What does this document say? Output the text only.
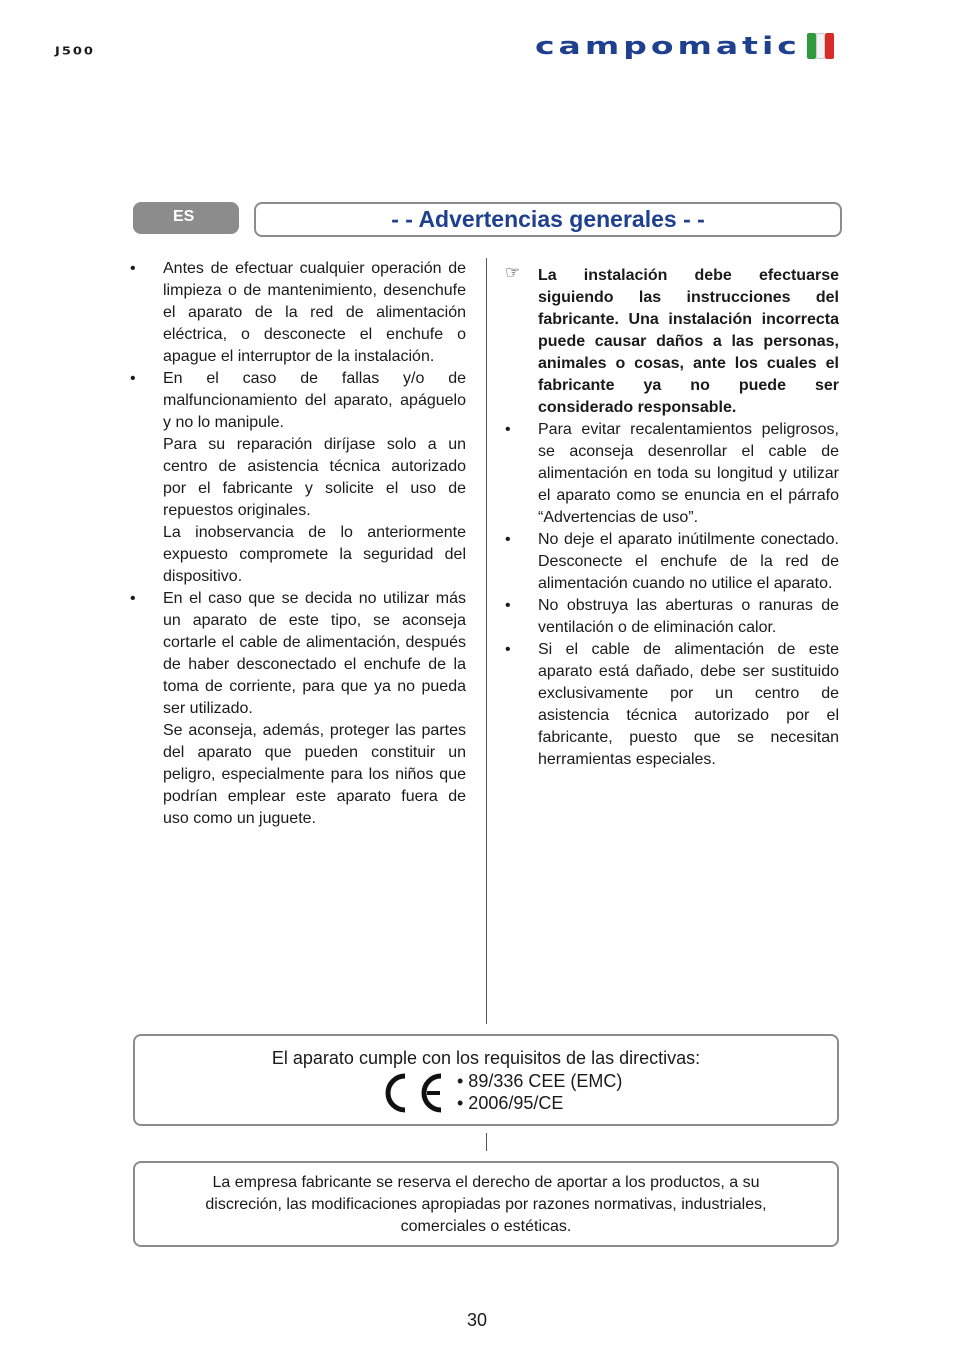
J500	campomatic
ES	- - Advertencias generales - -
•	Antes de efectuar cualquier operación de limpieza o de mantenimiento, desenchufe el aparato de la red de alimentación eléctrica, o desconecte el enchufe o apague el interruptor de la instalación.

•	En el caso de fallas y/o de malfuncionamiento del aparato, apáguelo y no lo manipule.

Para su reparación diríjase solo a un centro de asistencia técnica autorizado por el fabricante y solicite el uso de repuestos originales.

La inobservancia de lo anteriormente expuesto compromete la seguridad del dispositivo.

•	En el caso que se decida no utilizar más un aparato de este tipo, se aconseja cortarle el cable de alimentación, después de haber desconectado el enchufe de la toma de corriente, para que ya no pueda ser utilizado.

Se aconseja, además, proteger las partes del aparato que pueden constituir un peligro, especialmente para los niños que podrían emplear este aparato fuera de uso como un juguete.

☞ La instalación debe efectuarse siguiendo las instrucciones del fabricante. Una instalación incorrecta puede causar daños a las personas, animales o cosas, ante los cuales el fabricante ya no puede ser considerado responsable.

•	Para evitar recalentamientos peligrosos, se aconseja desenrollar el cable de alimentación en toda su longitud y utilizar el aparato como se enuncia en el párrafo “Advertencias de uso”.

•	No deje el aparato inútilmente conectado. Desconecte el enchufe de la red de alimentación cuando no utilice el aparato.

•	No obstruya las aberturas o ranuras de ventilación o de eliminación calor.

•	Si el cable de alimentación de este aparato está dañado, debe ser sustituido exclusivamente por un centro de asistencia técnica autorizado por el fabricante, puesto que se necesitan herramientas especiales.

El aparato cumple con los requisitos de las directivas:
• 89/336 CEE (EMC)
• 2006/95/CE

La empresa fabricante se reserva el derecho de aportar a los productos, a su discreción, las modificaciones apropiadas por razones normativas, industriales, comerciales o estéticas.

30
